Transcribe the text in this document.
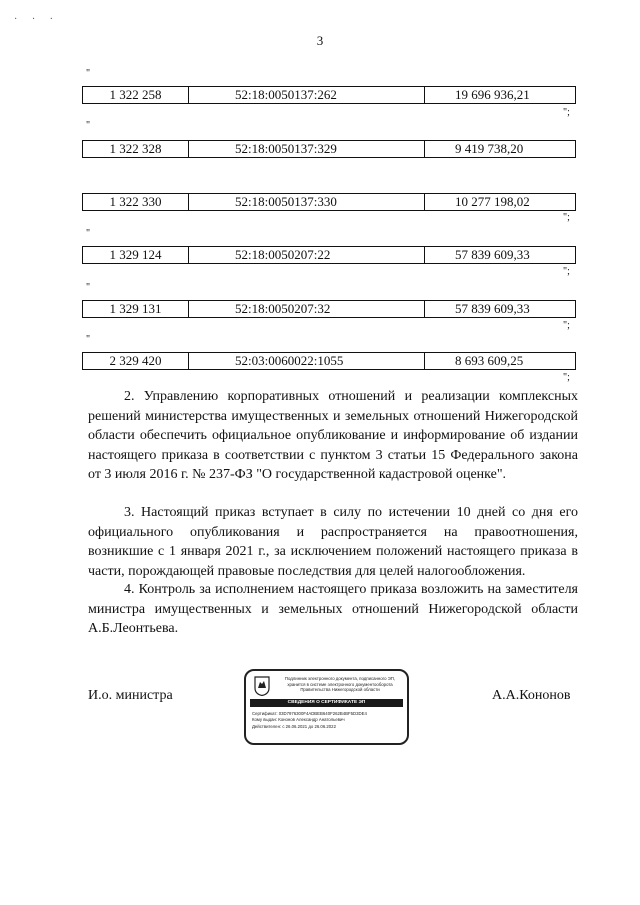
· · ·
3
"
1 322 258	52:18:0050137:262	19 696 936,21
";
"
1 322 328	52:18:0050137:329	9 419 738,20
1 322 330	52:18:0050137:330	10 277 198,02
";
"
1 329 124	52:18:0050207:22	57 839 609,33
";
"
1 329 131	52:18:0050207:32	57 839 609,33
";
"
2 329 420	52:03:0060022:1055	8 693 609,25
";

2. Управлению корпоративных отношений и реализации комплексных решений министерства имущественных и земельных отношений Нижегородской области обеспечить официальное опубликование и информирование об издании настоящего приказа в соответствии с пунктом 3 статьи 15 Федерального закона от 3 июля 2016 г. № 237-ФЗ "О государственной кадастровой оценке".

3. Настоящий приказ вступает в силу по истечении 10 дней со дня его официального опубликования и распространяется на правоотношения, возникшие с 1 января 2021 г., за исключением положений настоящего приказа в части, порождающей правовые последствия для целей налогообложения.

4. Контроль за исполнением настоящего приказа возложить на заместителя министра имущественных и земельных отношений Нижегородской области А.Б.Леонтьева.

И.о. министра	А.А.Кононов
Подлинник электронного документа, подписанного ЭП,
хранится в системе электронного документооборота
Правительства Нижегородской области
СВЕДЕНИЯ О СЕРТИФИКАТЕ ЭП
Сертификат: 03D7976300F4ADBEB640F262B4BF5D3DE4
Кому выдан: Кононов Александр Анатольевич
Действителен: с 26.06.2021 до 26.06.2022
